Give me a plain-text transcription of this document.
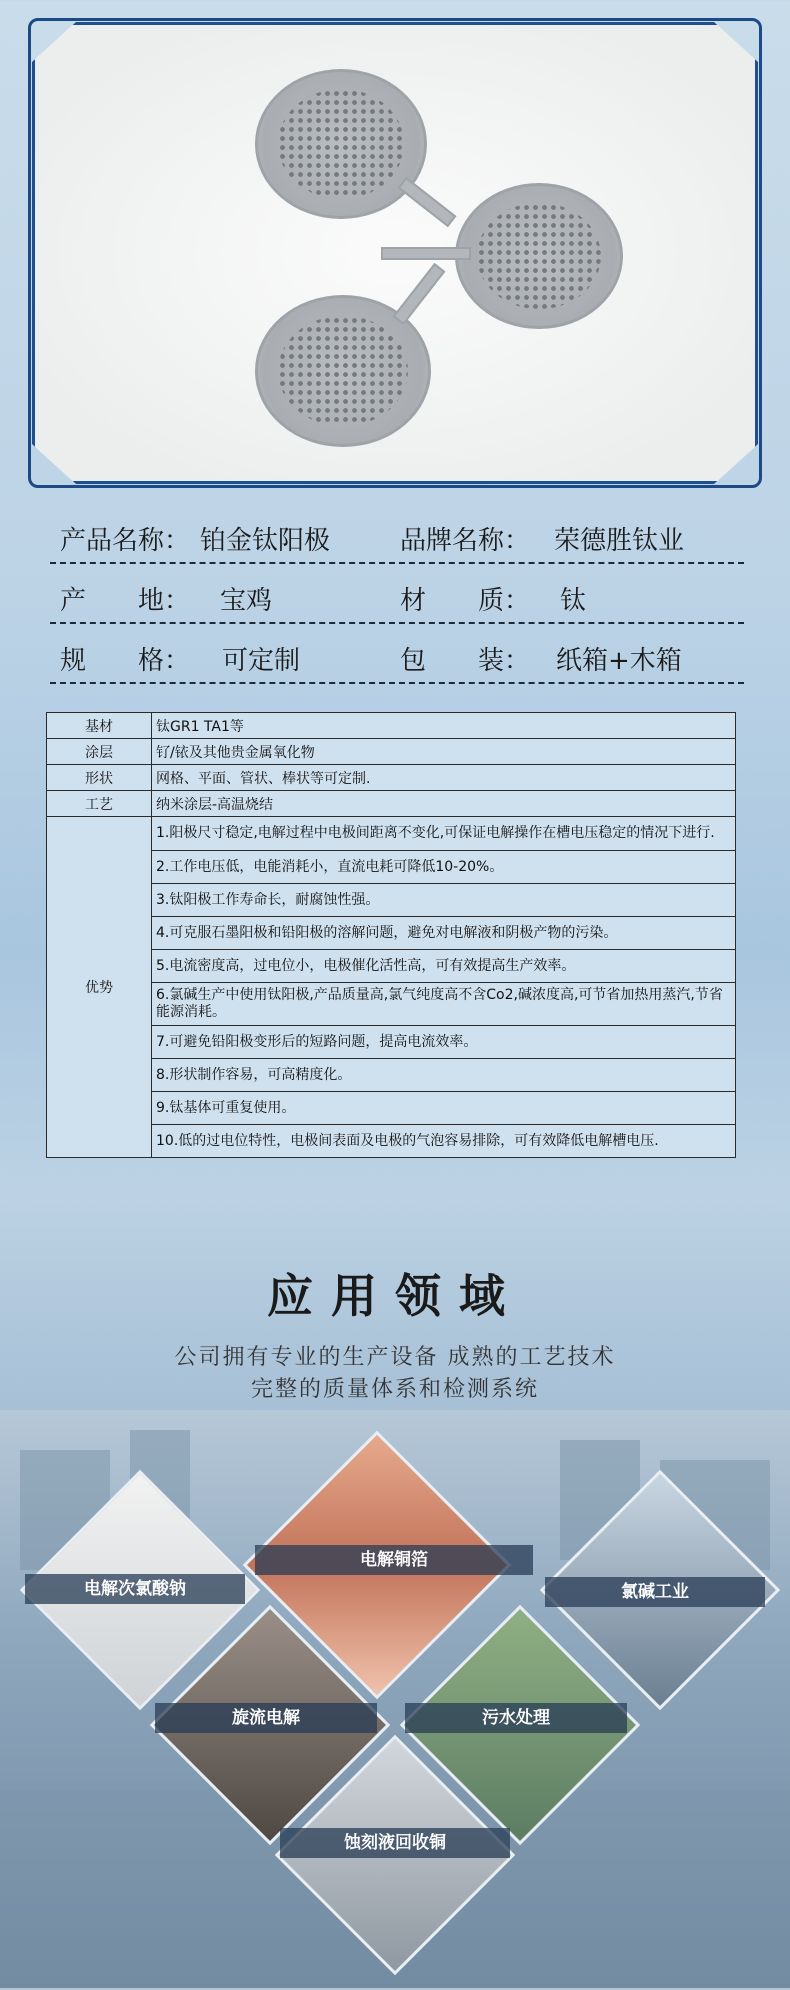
产品名称： 铂金钛阳极	品牌名称： 荣德胜钛业
产　　地： 宝鸡	材　　质： 钛
规　　格： 可定制	包　　装： 纸箱+木箱
基材	钛GR1 TA1等
涂层	钌/铱及其他贵金属氧化物
形状	网格、平面、管状、棒状等可定制.
工艺	纳米涂层-高温烧结
优势	1.阳极尺寸稳定,电解过程中电极间距离不变化,可保证电解操作在槽电压稳定的情况下进行.
	2.工作电压低，电能消耗小，直流电耗可降低10-20%。
	3.钛阳极工作寿命长，耐腐蚀性强。
	4.可克服石墨阳极和铅阳极的溶解问题，避免对电解液和阴极产物的污染。
	5.电流密度高，过电位小，电极催化活性高，可有效提高生产效率。
	6.氯碱生产中使用钛阳极,产品质量高,氯气纯度高不含Co2,碱浓度高,可节省加热用蒸汽,节省能源消耗。
	7.可避免铅阳极变形后的短路问题，提高电流效率。
	8.形状制作容易，可高精度化。
	9.钛基体可重复使用。
	10.低的过电位特性，电极间表面及电极的气泡容易排除，可有效降低电解槽电压.
应用领域
公司拥有专业的生产设备 成熟的工艺技术
完整的质量体系和检测系统
电解次氯酸钠
电解铜箔
氯碱工业
旋流电解	污水处理
蚀刻液回收铜
